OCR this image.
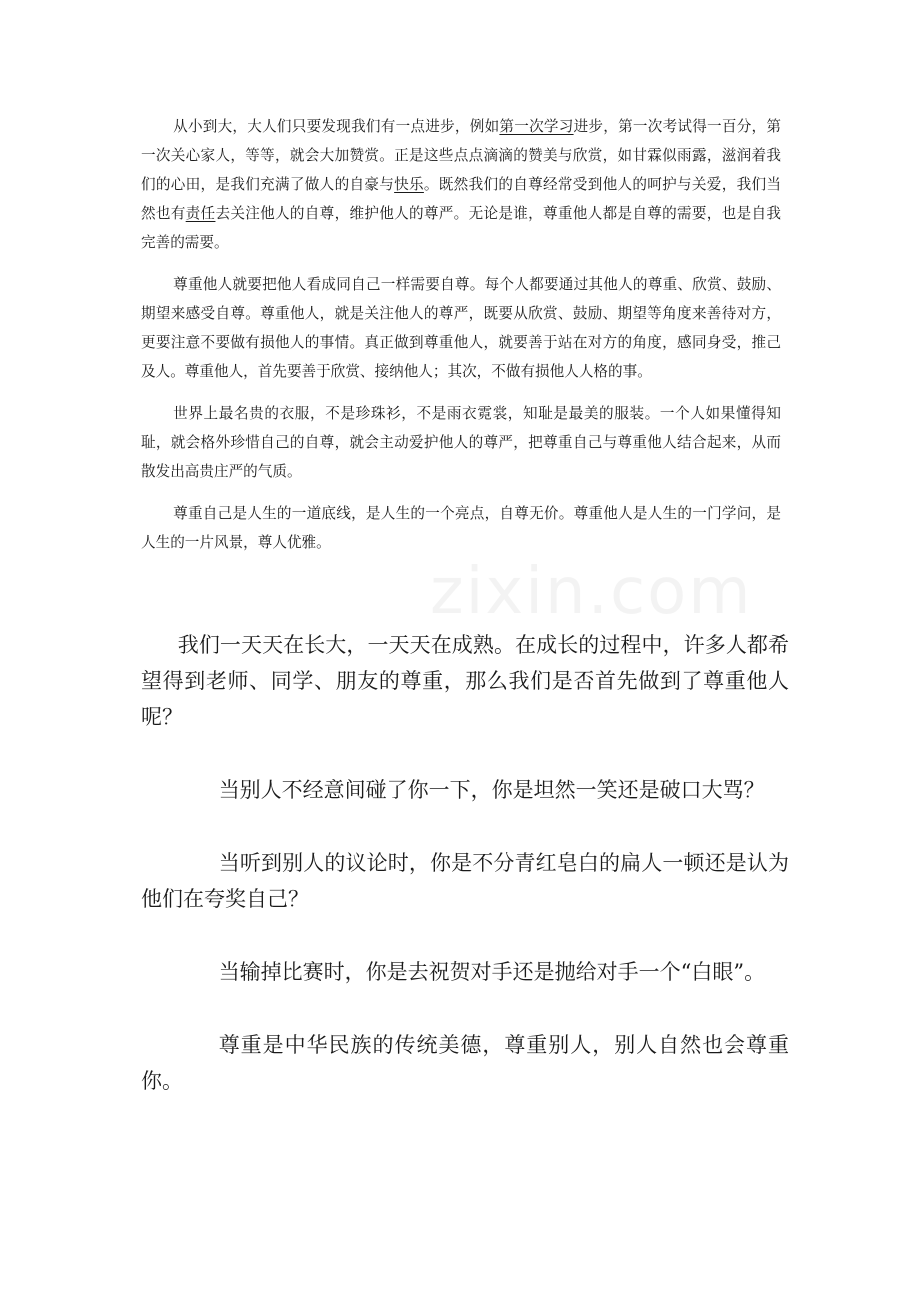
从小到大，大人们只要发现我们有一点进步，例如第一次学习进步，第一次考试得一百分，第一次关心家人，等等，就会大加赞赏。正是这些点点滴滴的赞美与欣赏，如甘霖似雨露，滋润着我们的心田，是我们充满了做人的自豪与快乐。既然我们的自尊经常受到他人的呵护与关爱，我们当然也有责任去关注他人的自尊，维护他人的尊严。无论是谁，尊重他人都是自尊的需要，也是自我完善的需要。

尊重他人就要把他人看成同自己一样需要自尊。每个人都要通过其他人的尊重、欣赏、鼓励、期望来感受自尊。尊重他人，就是关注他人的尊严，既要从欣赏、鼓励、期望等角度来善待对方，更要注意不要做有损他人的事情。真正做到尊重他人，就要善于站在对方的角度，感同身受，推己及人。尊重他人，首先要善于欣赏、接纳他人；其次，不做有损他人人格的事。

世界上最名贵的衣服，不是珍珠衫，不是雨衣霓裳，知耻是最美的服装。一个人如果懂得知耻，就会格外珍惜自己的自尊，就会主动爱护他人的尊严，把尊重自己与尊重他人结合起来，从而散发出高贵庄严的气质。

尊重自己是人生的一道底线，是人生的一个亮点，自尊无价。尊重他人是人生的一门学问，是人生的一片风景，尊人优雅。

我们一天天在长大，一天天在成熟。在成长的过程中，许多人都希望得到老师、同学、朋友的尊重，那么我们是否首先做到了尊重他人呢？

当别人不经意间碰了你一下，你是坦然一笑还是破口大骂？

当听到别人的议论时，你是不分青红皂白的扁人一顿还是认为他们在夸奖自己？

当输掉比赛时，你是去祝贺对手还是抛给对手一个“白眼”。

尊重是中华民族的传统美德，尊重别人，别人自然也会尊重你。
